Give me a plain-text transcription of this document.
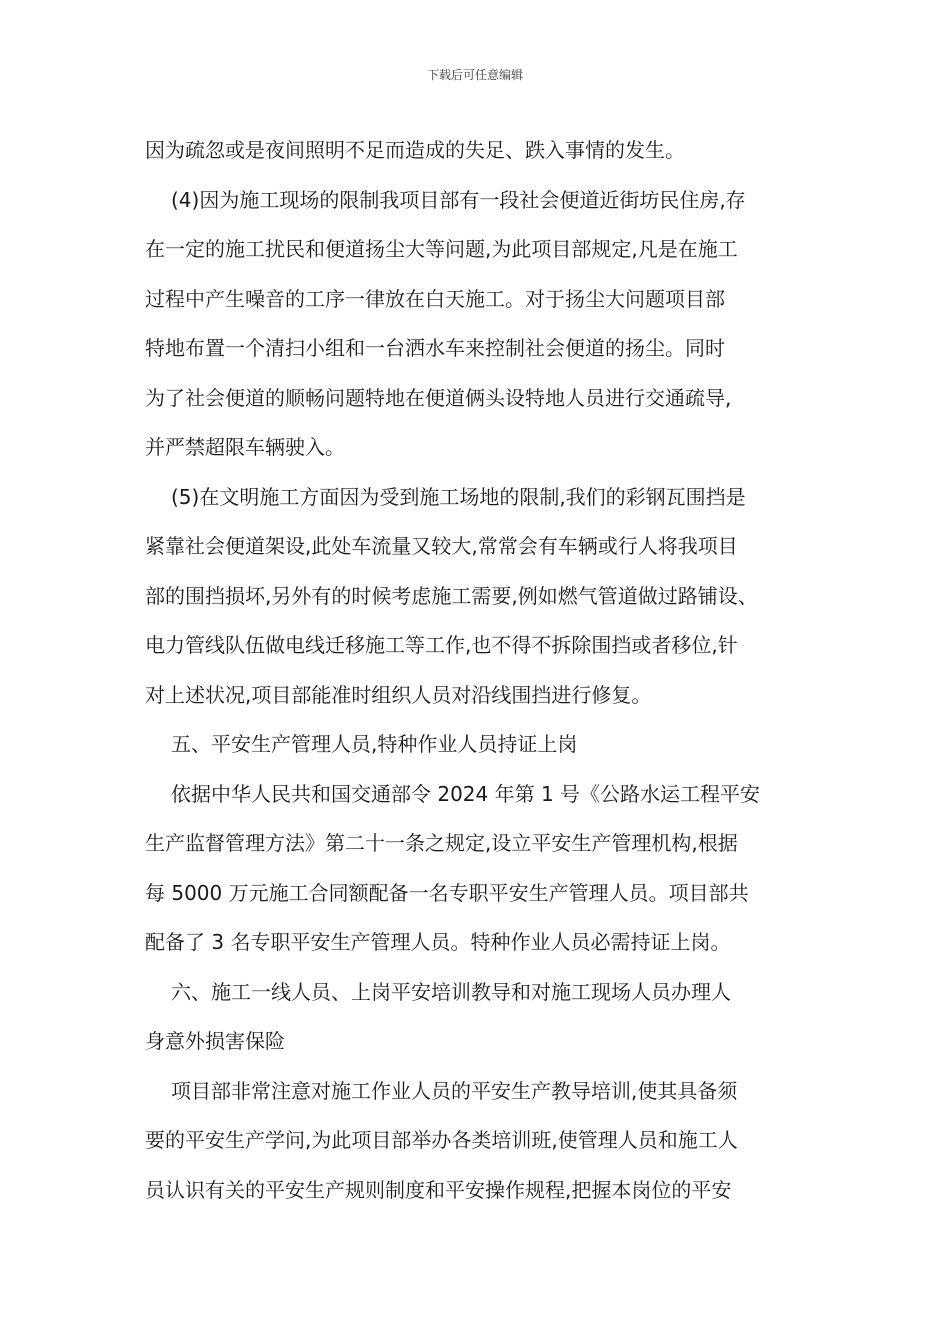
下载后可任意编辑
因为疏忽或是夜间照明不足而造成的失足、跌入事情的发生。
(4)因为施工现场的限制我项目部有一段社会便道近街坊民住房,存
在一定的施工扰民和便道扬尘大等问题,为此项目部规定,凡是在施工
过程中产生噪音的工序一律放在白天施工。对于扬尘大问题项目部
特地布置一个清扫小组和一台洒水车来控制社会便道的扬尘。同时
为了社会便道的顺畅问题特地在便道俩头设特地人员进行交通疏导,
并严禁超限车辆驶入。
(5)在文明施工方面因为受到施工场地的限制,我们的彩钢瓦围挡是
紧靠社会便道架设,此处车流量又较大,常常会有车辆或行人将我项目
部的围挡损坏,另外有的时候考虑施工需要,例如燃气管道做过路铺设、
电力管线队伍做电线迁移施工等工作,也不得不拆除围挡或者移位,针
对上述状况,项目部能准时组织人员对沿线围挡进行修复。
五、平安生产管理人员,特种作业人员持证上岗
依据中华人民共和国交通部令 2024 年第 1 号《公路水运工程平安
生产监督管理方法》第二十一条之规定,设立平安生产管理机构,根据
每 5000 万元施工合同额配备一名专职平安生产管理人员。项目部共
配备了 3 名专职平安生产管理人员。特种作业人员必需持证上岗。
六、施工一线人员、上岗平安培训教导和对施工现场人员办理人
身意外损害保险
项目部非常注意对施工作业人员的平安生产教导培训,使其具备须
要的平安生产学问,为此项目部举办各类培训班,使管理人员和施工人
员认识有关的平安生产规则制度和平安操作规程,把握本岗位的平安
